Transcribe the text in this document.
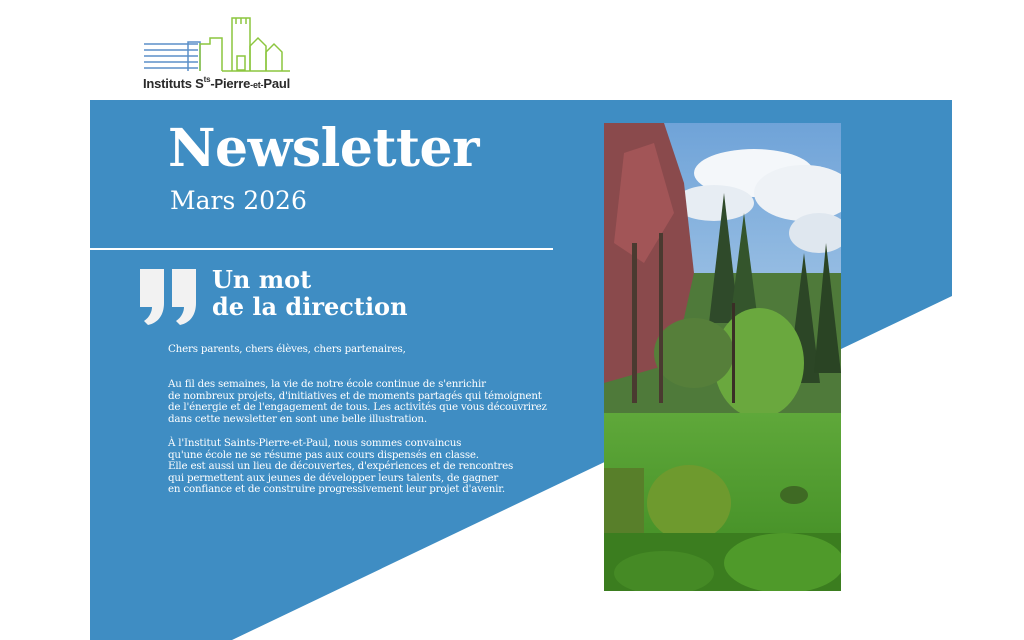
Instituts $S^{ts}-Pierre-et$-Paul
Newsletter
Mars 2026
Un mot
de la direction
Chers parents, chers élèves, chers partenaires,
Au fil des semaines, la vie de notre école continue de s'enrichir
de nombreux projets, d'initiatives et de moments partagés qui témoignent
de l'énergie et de l'engagement de tous. Les activités que vous découvrirez
dans cette newsletter en sont une belle illustration.
À l'Institut Saints-Pierre-et-Paul, nous sommes convaincus
qu'une école ne se résume pas aux cours dispensés en classe.
Elle est aussi un lieu de découvertes, d'expériences et de rencontres
qui permettent aux jeunes de développer leurs talents, de gagner
en confiance et de construire progressivement leur projet d'avenir.
